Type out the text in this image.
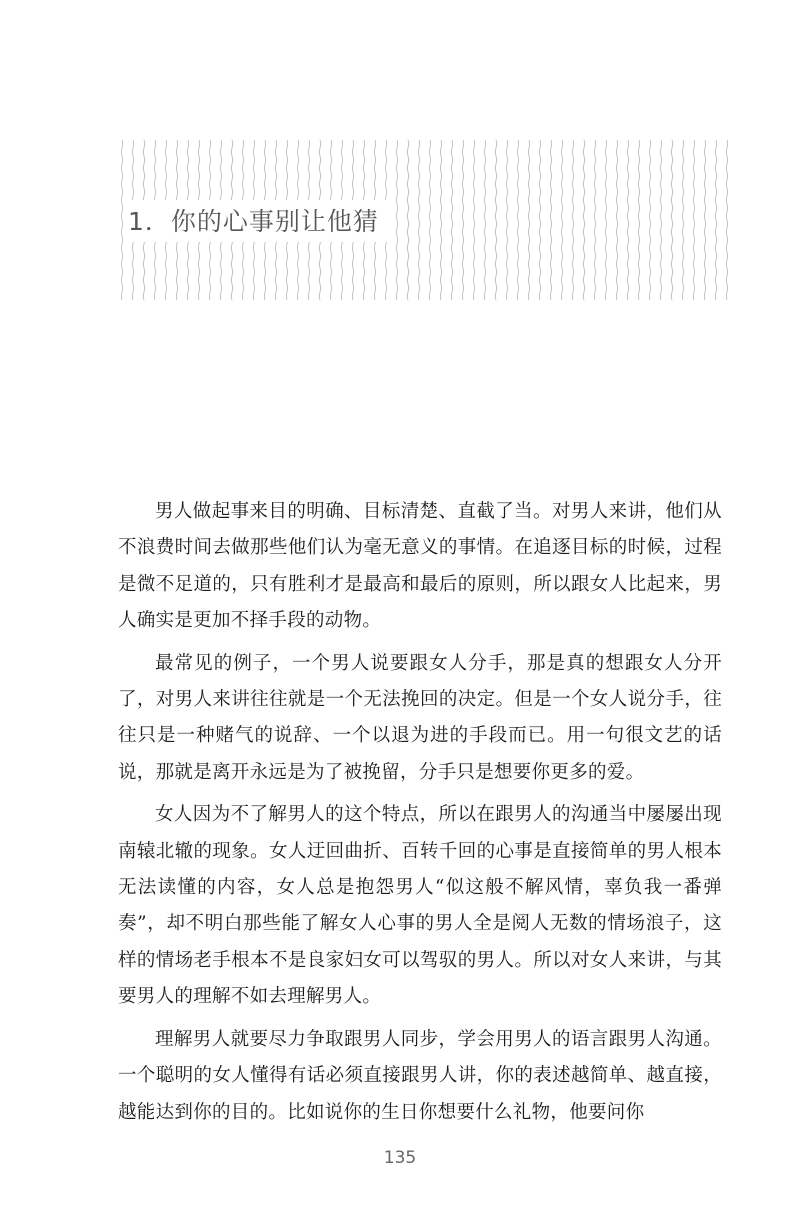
1．你的心事别让他猜

男人做起事来目的明确、目标清楚、直截了当。对男人来讲，他们从不浪费时间去做那些他们认为毫无意义的事情。在追逐目标的时候，过程是微不足道的，只有胜利才是最高和最后的原则，所以跟女人比起来，男人确实是更加不择手段的动物。

最常见的例子，一个男人说要跟女人分手，那是真的想跟女人分开了，对男人来讲往往就是一个无法挽回的决定。但是一个女人说分手，往往只是一种赌气的说辞、一个以退为进的手段而已。用一句很文艺的话说，那就是离开永远是为了被挽留，分手只是想要你更多的爱。

女人因为不了解男人的这个特点，所以在跟男人的沟通当中屡屡出现南辕北辙的现象。女人迂回曲折、百转千回的心事是直接简单的男人根本无法读懂的内容，女人总是抱怨男人“似这般不解风情，辜负我一番弹奏”，却不明白那些能了解女人心事的男人全是阅人无数的情场浪子，这样的情场老手根本不是良家妇女可以驾驭的男人。所以对女人来讲，与其要男人的理解不如去理解男人。

理解男人就要尽力争取跟男人同步，学会用男人的语言跟男人沟通。一个聪明的女人懂得有话必须直接跟男人讲，你的表述越简单、越直接，越能达到你的目的。比如说你的生日你想要什么礼物，他要问你

135
